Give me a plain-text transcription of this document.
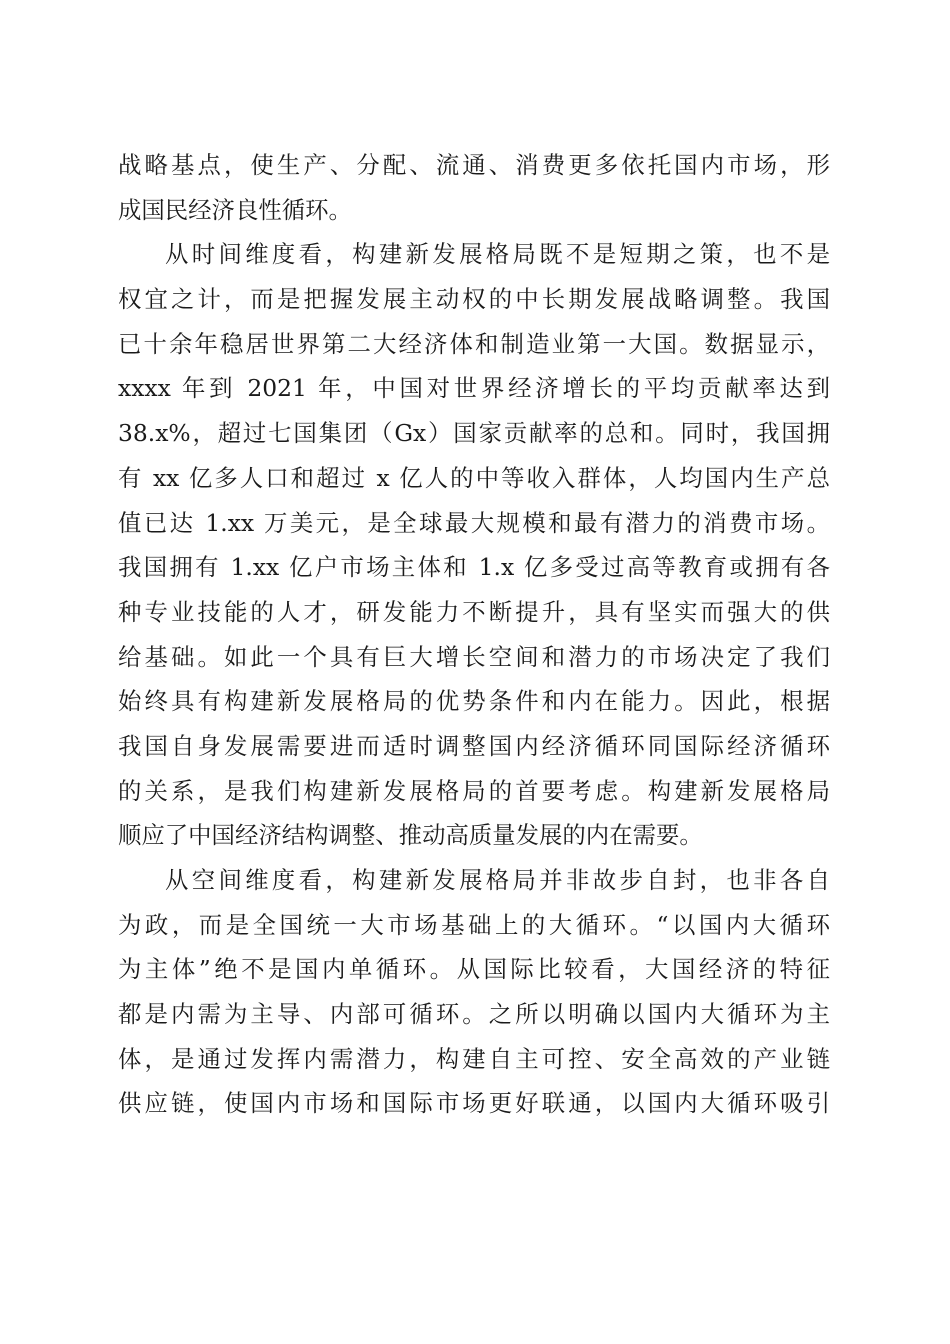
战略基点，使生产、分配、流通、消费更多依托国内市场，形
成国民经济良性循环。
从时间维度看，构建新发展格局既不是短期之策，也不是
权宜之计，而是把握发展主动权的中长期发展战略调整。我国
已十余年稳居世界第二大经济体和制造业第一大国。数据显示，
xxxx 年到 2021 年，中国对世界经济增长的平均贡献率达到
38.x%，超过七国集团（Gx）国家贡献率的总和。同时，我国拥
有 xx 亿多人口和超过 x 亿人的中等收入群体，人均国内生产总
值已达 1.xx 万美元，是全球最大规模和最有潜力的消费市场。
我国拥有 1.xx 亿户市场主体和 1.x 亿多受过高等教育或拥有各
种专业技能的人才，研发能力不断提升，具有坚实而强大的供
给基础。如此一个具有巨大增长空间和潜力的市场决定了我们
始终具有构建新发展格局的优势条件和内在能力。因此，根据
我国自身发展需要进而适时调整国内经济循环同国际经济循环
的关系，是我们构建新发展格局的首要考虑。构建新发展格局
顺应了中国经济结构调整、推动高质量发展的内在需要。
从空间维度看，构建新发展格局并非故步自封，也非各自
为政，而是全国统一大市场基础上的大循环。“以国内大循环
为主体”绝不是国内单循环。从国际比较看，大国经济的特征
都是内需为主导、内部可循环。之所以明确以国内大循环为主
体，是通过发挥内需潜力，构建自主可控、安全高效的产业链
供应链，使国内市场和国际市场更好联通，以国内大循环吸引
